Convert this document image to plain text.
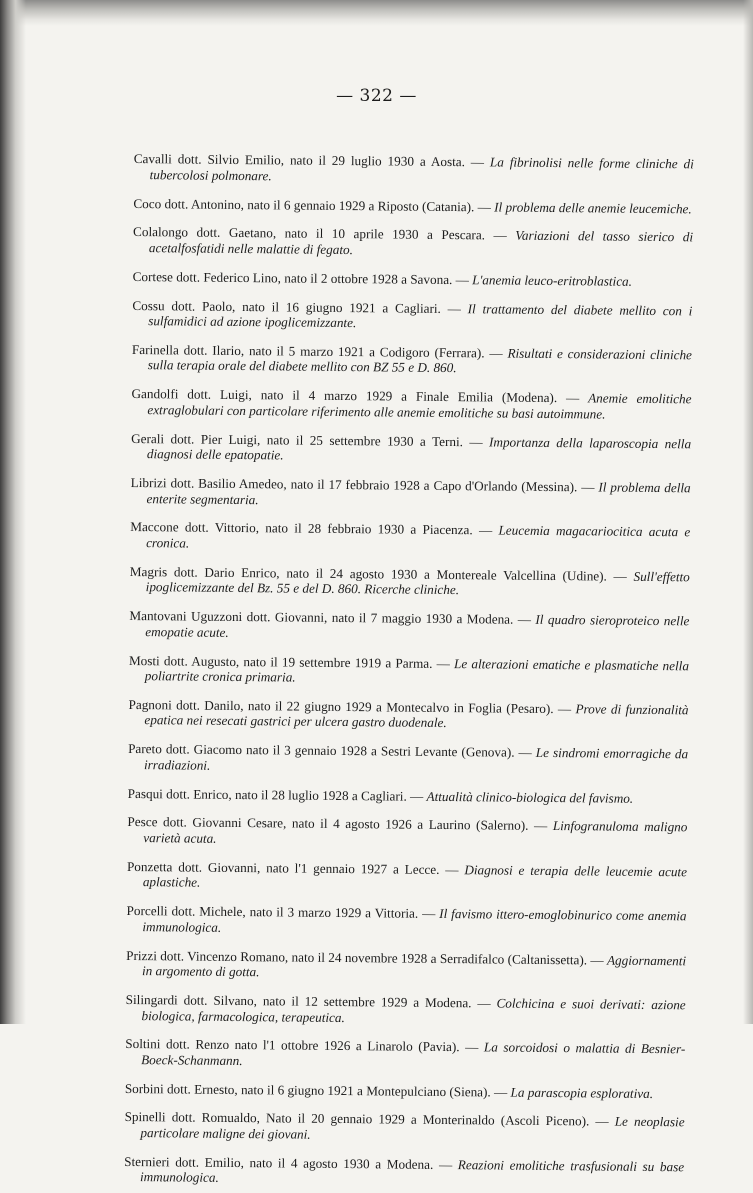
— 322 —

Cavalli dott. Silvio Emilio, nato il 29 luglio 1930 a Aosta. — La fibrinolisi nelle forme cliniche di tubercolosi polmonare.

Coco dott. Antonino, nato il 6 gennaio 1929 a Riposto (Catania). — Il problema delle anemie leucemiche.

Colalongo dott. Gaetano, nato il 10 aprile 1930 a Pescara. — Variazioni del tasso sierico di acetalfosfatidi nelle malattie di fegato.

Cortese dott. Federico Lino, nato il 2 ottobre 1928 a Savona. — L'anemia leuco-eritroblastica.

Cossu dott. Paolo, nato il 16 giugno 1921 a Cagliari. — Il trattamento del diabete mellito con i sulfamidici ad azione ipoglicemizzante.

Farinella dott. Ilario, nato il 5 marzo 1921 a Codigoro (Ferrara). — Risultati e considerazioni cliniche sulla terapia orale del diabete mellito con BZ 55 e D. 860.

Gandolfi dott. Luigi, nato il 4 marzo 1929 a Finale Emilia (Modena). — Anemie emolitiche extraglobulari con particolare riferimento alle anemie emolitiche su basi autoimmune.

Gerali dott. Pier Luigi, nato il 25 settembre 1930 a Terni. — Importanza della laparoscopia nella diagnosi delle epatopatie.

Librizi dott. Basilio Amedeo, nato il 17 febbraio 1928 a Capo d'Orlando (Messina). — Il problema della enterite segmentaria.

Maccone dott. Vittorio, nato il 28 febbraio 1930 a Piacenza. — Leucemia magacariocitica acuta e cronica.

Magris dott. Dario Enrico, nato il 24 agosto 1930 a Montereale Valcellina (Udine). — Sull'effetto ipoglicemizzante del Bz. 55 e del D. 860. Ricerche cliniche.

Mantovani Uguzzoni dott. Giovanni, nato il 7 maggio 1930 a Modena. — Il quadro sieroproteico nelle emopatie acute.

Mosti dott. Augusto, nato il 19 settembre 1919 a Parma. — Le alterazioni ematiche e plasmatiche nella poliartrite cronica primaria.

Pagnoni dott. Danilo, nato il 22 giugno 1929 a Montecalvo in Foglia (Pesaro). — Prove di funzionalità epatica nei resecati gastrici per ulcera gastro duodenale.

Pareto dott. Giacomo nato il 3 gennaio 1928 a Sestri Levante (Genova). — Le sindromi emorragiche da irradiazioni.

Pasqui dott. Enrico, nato il 28 luglio 1928 a Cagliari. — Attualità clinico-biologica del favismo.

Pesce dott. Giovanni Cesare, nato il 4 agosto 1926 a Laurino (Salerno). — Linfogranuloma maligno varietà acuta.

Ponzetta dott. Giovanni, nato l'1 gennaio 1927 a Lecce. — Diagnosi e terapia delle leucemie acute aplastiche.

Porcelli dott. Michele, nato il 3 marzo 1929 a Vittoria. — Il favismo ittero-emoglobinurico come anemia immunologica.

Prizzi dott. Vincenzo Romano, nato il 24 novembre 1928 a Serradifalco (Caltanissetta). — Aggiornamenti in argomento di gotta.

Silingardi dott. Silvano, nato il 12 settembre 1929 a Modena. — Colchicina e suoi derivati: azione biologica, farmacologica, terapeutica.

Soltini dott. Renzo nato l'1 ottobre 1926 a Linarolo (Pavia). — La sorcoidosi o malattia di Besnier-Boeck-Schanmann.

Sorbini dott. Ernesto, nato il 6 giugno 1921 a Montepulciano (Siena). — La parascopia esplorativa.

Spinelli dott. Romualdo, Nato il 20 gennaio 1929 a Monterinaldo (Ascoli Piceno). — Le neoplasie particolare maligne dei giovani.

Sternieri dott. Emilio, nato il 4 agosto 1930 a Modena. — Reazioni emolitiche trasfusionali su base immunologica.
